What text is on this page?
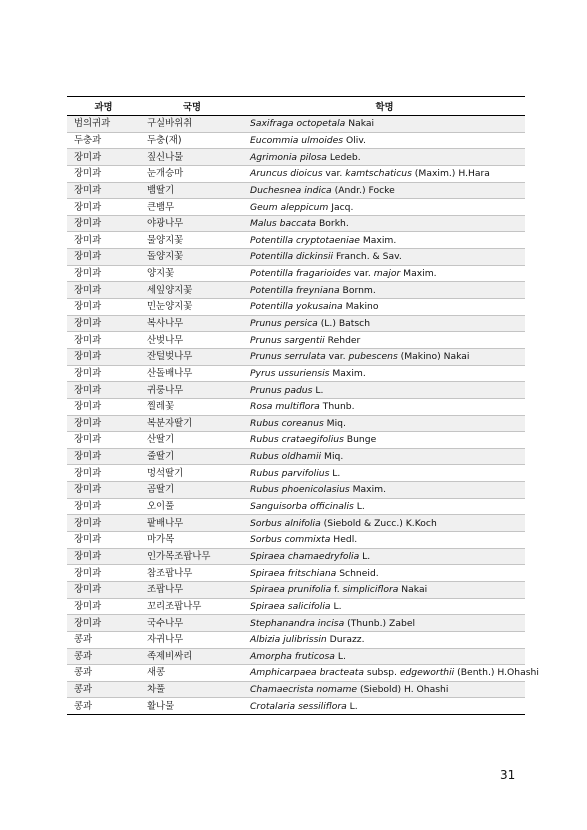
과명	국명	학명
범의귀과	구실바위취	Saxifraga octopetala Nakai
두충과	두충(재)	Eucommia ulmoides Oliv.
장미과	짚신나물	Agrimonia pilosa Ledeb.
장미과	눈개승마	Aruncus dioicus var. kamtschaticus (Maxim.) H.Hara
장미과	뱀딸기	Duchesnea indica (Andr.) Focke
장미과	큰뱀무	Geum aleppicum Jacq.
장미과	야광나무	Malus baccata Borkh.
장미과	물양지꽃	Potentilla cryptotaeniae Maxim.
장미과	돌양지꽃	Potentilla dickinsii Franch. & Sav.
장미과	양지꽃	Potentilla fragarioides var. major Maxim.
장미과	세잎양지꽃	Potentilla freyniana Bornm.
장미과	민눈양지꽃	Potentilla yokusaina Makino
장미과	복사나무	Prunus persica (L.) Batsch
장미과	산벚나무	Prunus sargentii Rehder
장미과	잔털벚나무	Prunus serrulata var. pubescens (Makino) Nakai
장미과	산돌배나무	Pyrus ussuriensis Maxim.
장미과	귀룽나무	Prunus padus L.
장미과	찔레꽃	Rosa multiflora Thunb.
장미과	복분자딸기	Rubus coreanus Miq.
장미과	산딸기	Rubus crataegifolius Bunge
장미과	줄딸기	Rubus oldhamii Miq.
장미과	멍석딸기	Rubus parvifolius L.
장미과	곰딸기	Rubus phoenicolasius Maxim.
장미과	오이풀	Sanguisorba officinalis L.
장미과	팥배나무	Sorbus alnifolia (Siebold & Zucc.) K.Koch
장미과	마가목	Sorbus commixta Hedl.
장미과	인가목조팝나무	Spiraea chamaedryfolia L.
장미과	참조팝나무	Spiraea fritschiana Schneid.
장미과	조팝나무	Spiraea prunifolia f. simpliciflora Nakai
장미과	꼬리조팝나무	Spiraea salicifolia L.
장미과	국수나무	Stephanandra incisa (Thunb.) Zabel
콩과	자귀나무	Albizia julibrissin Durazz.
콩과	족제비싸리	Amorpha fruticosa L.
콩과	새콩	Amphicarpaea bracteata subsp. edgeworthii (Benth.) H.Ohashi
콩과	차풀	Chamaecrista nomame (Siebold) H. Ohashi
콩과	활나물	Crotalaria sessiliflora L.
31
